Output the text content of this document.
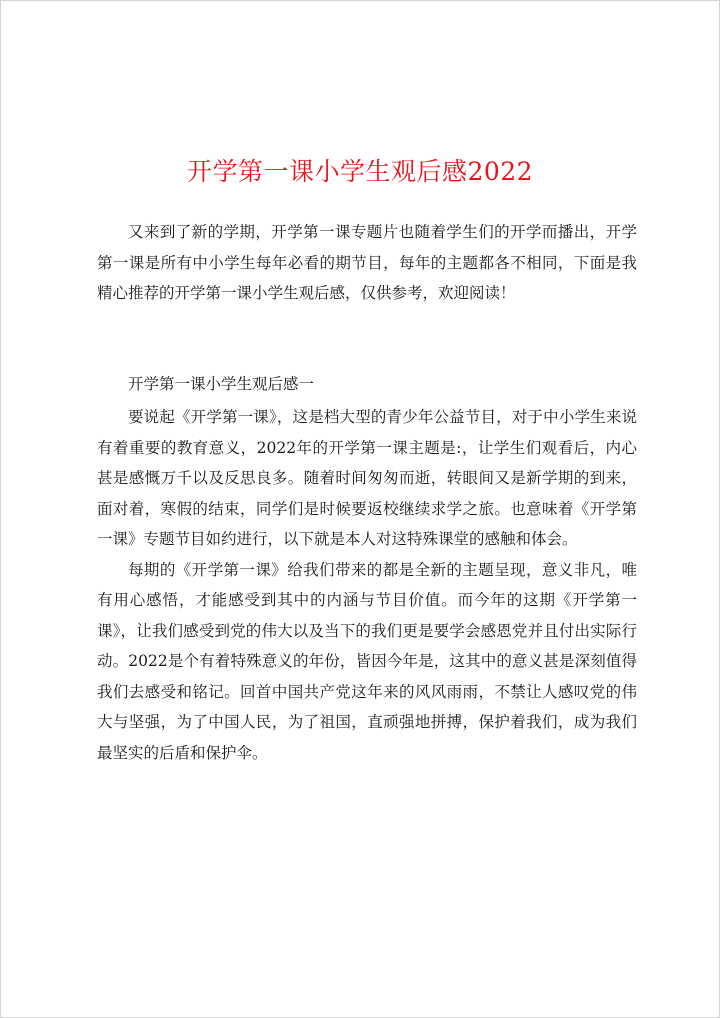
开学第一课小学生观后感2022

又来到了新的学期，开学第一课专题片也随着学生们的开学而播出，开学第一课是所有中小学生每年必看的期节目，每年的主题都各不相同，下面是我精心推荐的开学第一课小学生观后感，仅供参考，欢迎阅读！

开学第一课小学生观后感一

要说起《开学第一课》，这是档大型的青少年公益节目，对于中小学生来说有着重要的教育意义，2022年的开学第一课主题是:，让学生们观看后，内心甚是感慨万千以及反思良多。随着时间匆匆而逝，转眼间又是新学期的到来，面对着，寒假的结束，同学们是时候要返校继续求学之旅。也意味着《开学第一课》专题节目如约进行，以下就是本人对这特殊课堂的感触和体会。

每期的《开学第一课》给我们带来的都是全新的主题呈现，意义非凡，唯有用心感悟，才能感受到其中的内涵与节目价值。而今年的这期《开学第一课》，让我们感受到党的伟大以及当下的我们更是要学会感恩党并且付出实际行动。2022是个有着特殊意义的年份，皆因今年是，这其中的意义甚是深刻值得我们去感受和铭记。回首中国共产党这年来的风风雨雨，不禁让人感叹党的伟大与坚强，为了中国人民，为了祖国，直顽强地拼搏，保护着我们，成为我们最坚实的后盾和保护伞。
